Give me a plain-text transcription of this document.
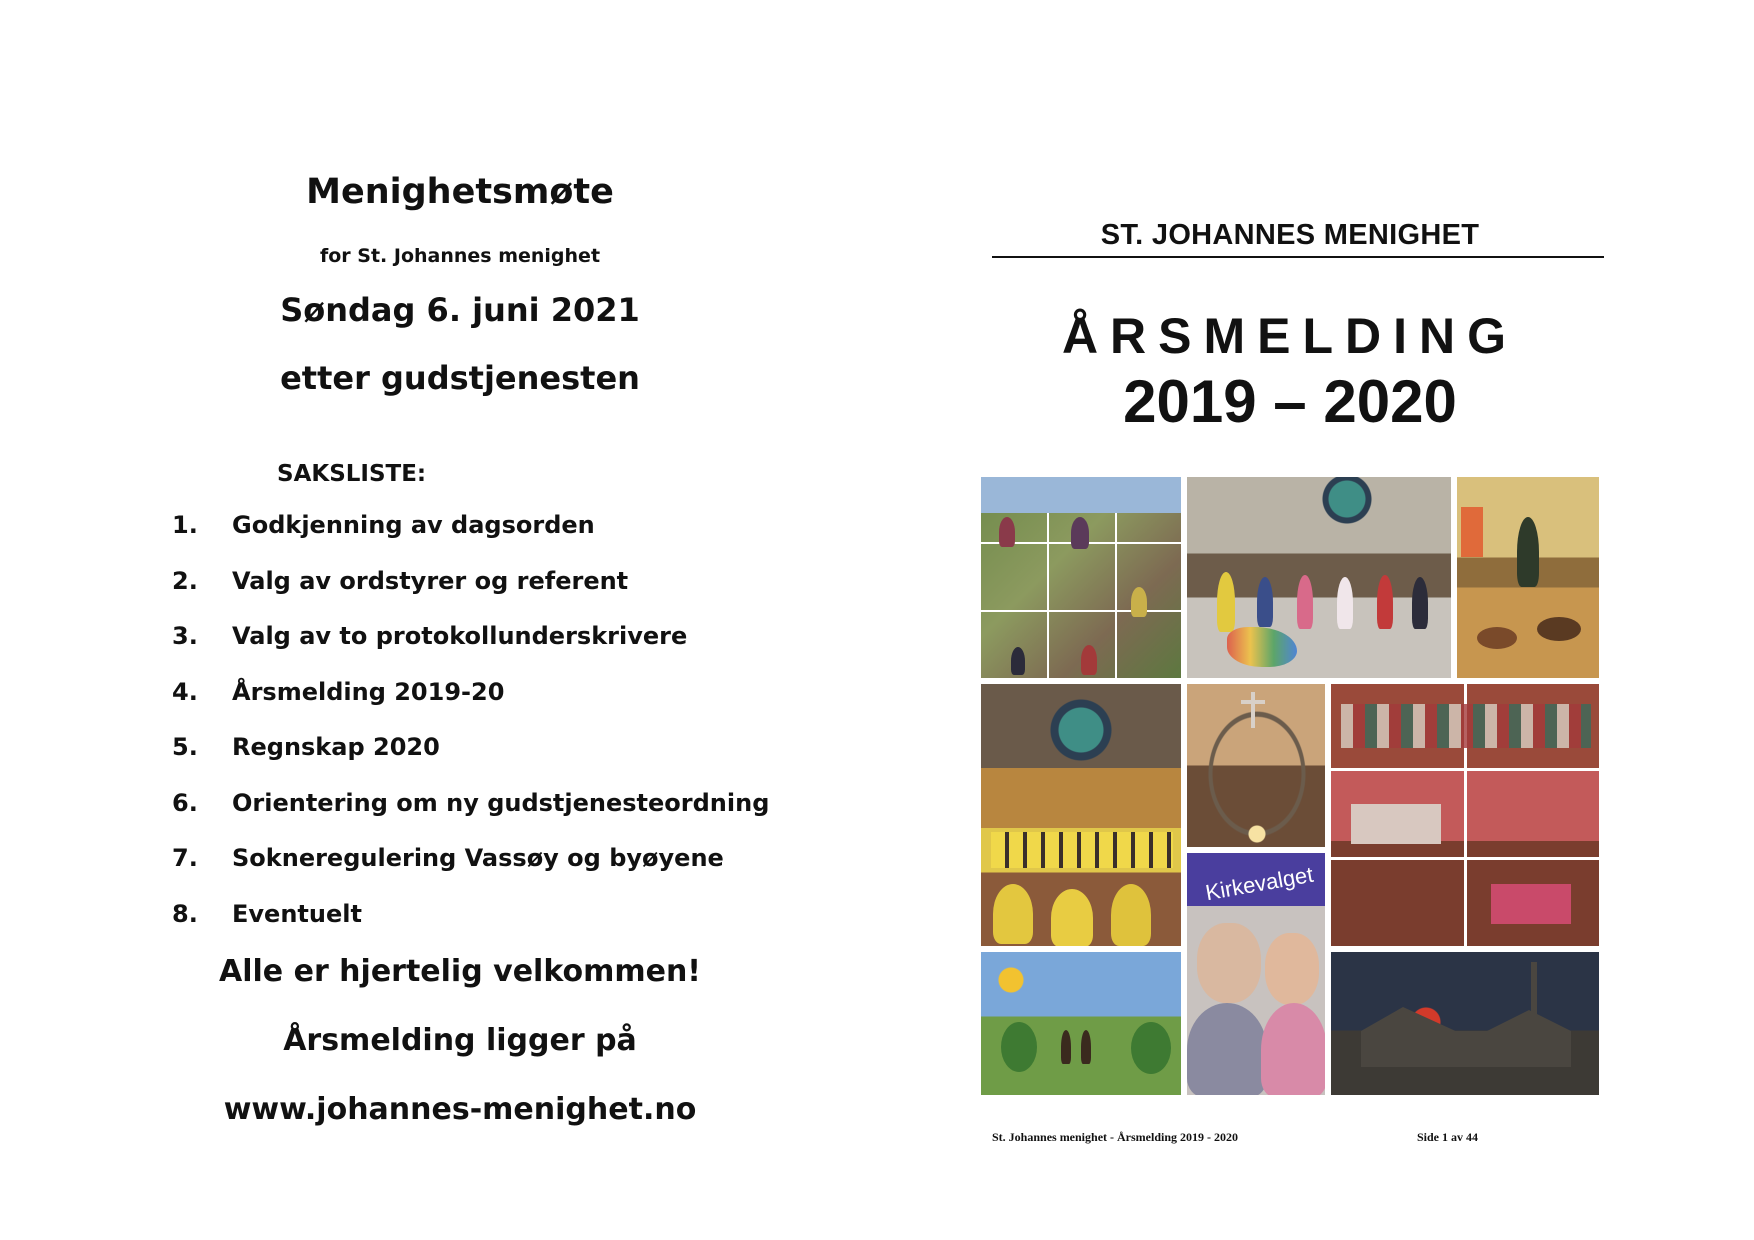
Menighetsmøte
for St. Johannes menighet
Søndag 6. juni 2021
etter gudstjenesten
SAKSLISTE:
1. Godkjenning av dagsorden
2. Valg av ordstyrer og referent
3. Valg av to protokollunderskrivere
4. Årsmelding 2019-20
5. Regnskap 2020
6. Orientering om ny gudstjenesteordning
7. Sokneregulering Vassøy og byøyene
8. Eventuelt
Alle er hjertelig velkommen!
Årsmelding ligger på
www.johannes-menighet.no
ST. JOHANNES MENIGHET
ÅRSMELDING
2019 – 2020
Kirkevalget
St. Johannes menighet - Årsmelding 2019 - 2020	Side 1 av 44
